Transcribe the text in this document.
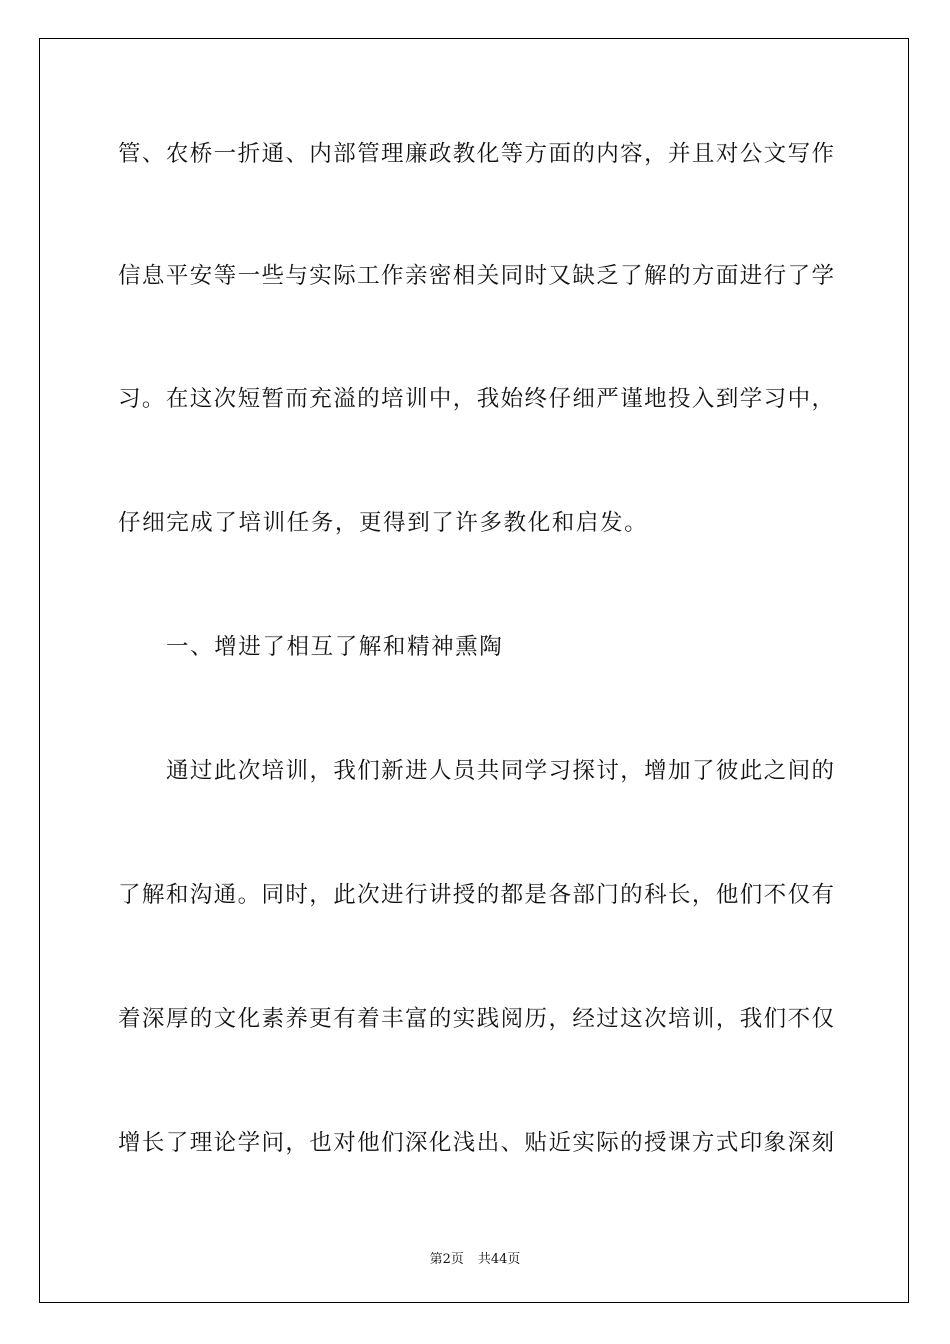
管、农桥一折通、内部管理廉政教化等方面的内容，并且对公文写作
信息平安等一些与实际工作亲密相关同时又缺乏了解的方面进行了学
习。在这次短暂而充溢的培训中，我始终仔细严谨地投入到学习中，
仔细完成了培训任务，更得到了许多教化和启发。
一、增进了相互了解和精神熏陶
通过此次培训，我们新进人员共同学习探讨，增加了彼此之间的
了解和沟通。同时，此次进行讲授的都是各部门的科长，他们不仅有
着深厚的文化素养更有着丰富的实践阅历，经过这次培训，我们不仅
增长了理论学问，也对他们深化浅出、贴近实际的授课方式印象深刻
第2页 共44页
